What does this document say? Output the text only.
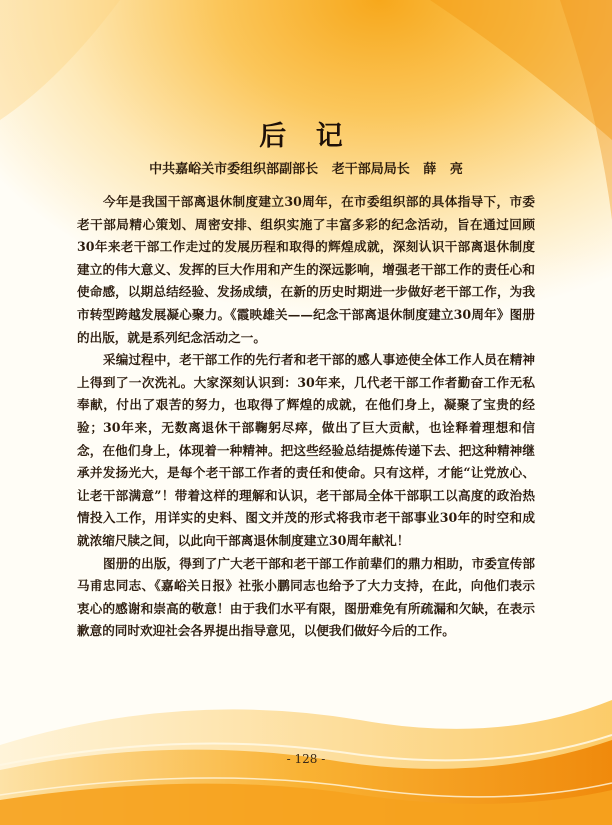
后 记
中共嘉峪关市委组织部副部长   老干部局局长   薛   亮

今年是我国干部离退休制度建立30周年，在市委组织部的具体指导下，市委老干部局精心策划、周密安排、组织实施了丰富多彩的纪念活动，旨在通过回顾30年来老干部工作走过的发展历程和取得的辉煌成就，深刻认识干部离退休制度建立的伟大意义、发挥的巨大作用和产生的深远影响，增强老干部工作的责任心和使命感，以期总结经验、发扬成绩，在新的历史时期进一步做好老干部工作，为我市转型跨越发展凝心聚力。《霞映雄关——纪念干部离退休制度建立30周年》图册的出版，就是系列纪念活动之一。

采编过程中，老干部工作的先行者和老干部的感人事迹使全体工作人员在精神上得到了一次洗礼。大家深刻认识到：30年来，几代老干部工作者勤奋工作无私奉献，付出了艰苦的努力，也取得了辉煌的成就，在他们身上，凝聚了宝贵的经验；30年来，无数离退休干部鞠躬尽瘁，做出了巨大贡献，也诠释着理想和信念，在他们身上，体现着一种精神。把这些经验总结提炼传递下去、把这种精神继承并发扬光大，是每个老干部工作者的责任和使命。只有这样，才能“让党放心、让老干部满意”！带着这样的理解和认识，老干部局全体干部职工以高度的政治热情投入工作，用详实的史料、图文并茂的形式将我市老干部事业30年的时空和成就浓缩尺牍之间，以此向干部离退休制度建立30周年献礼！

图册的出版，得到了广大老干部和老干部工作前辈们的鼎力相助，市委宣传部马甫忠同志、《嘉峪关日报》社张小鹏同志也给予了大力支持，在此，向他们表示衷心的感谢和崇高的敬意！由于我们水平有限，图册难免有所疏漏和欠缺，在表示歉意的同时欢迎社会各界提出指导意见，以便我们做好今后的工作。

- 128 -
